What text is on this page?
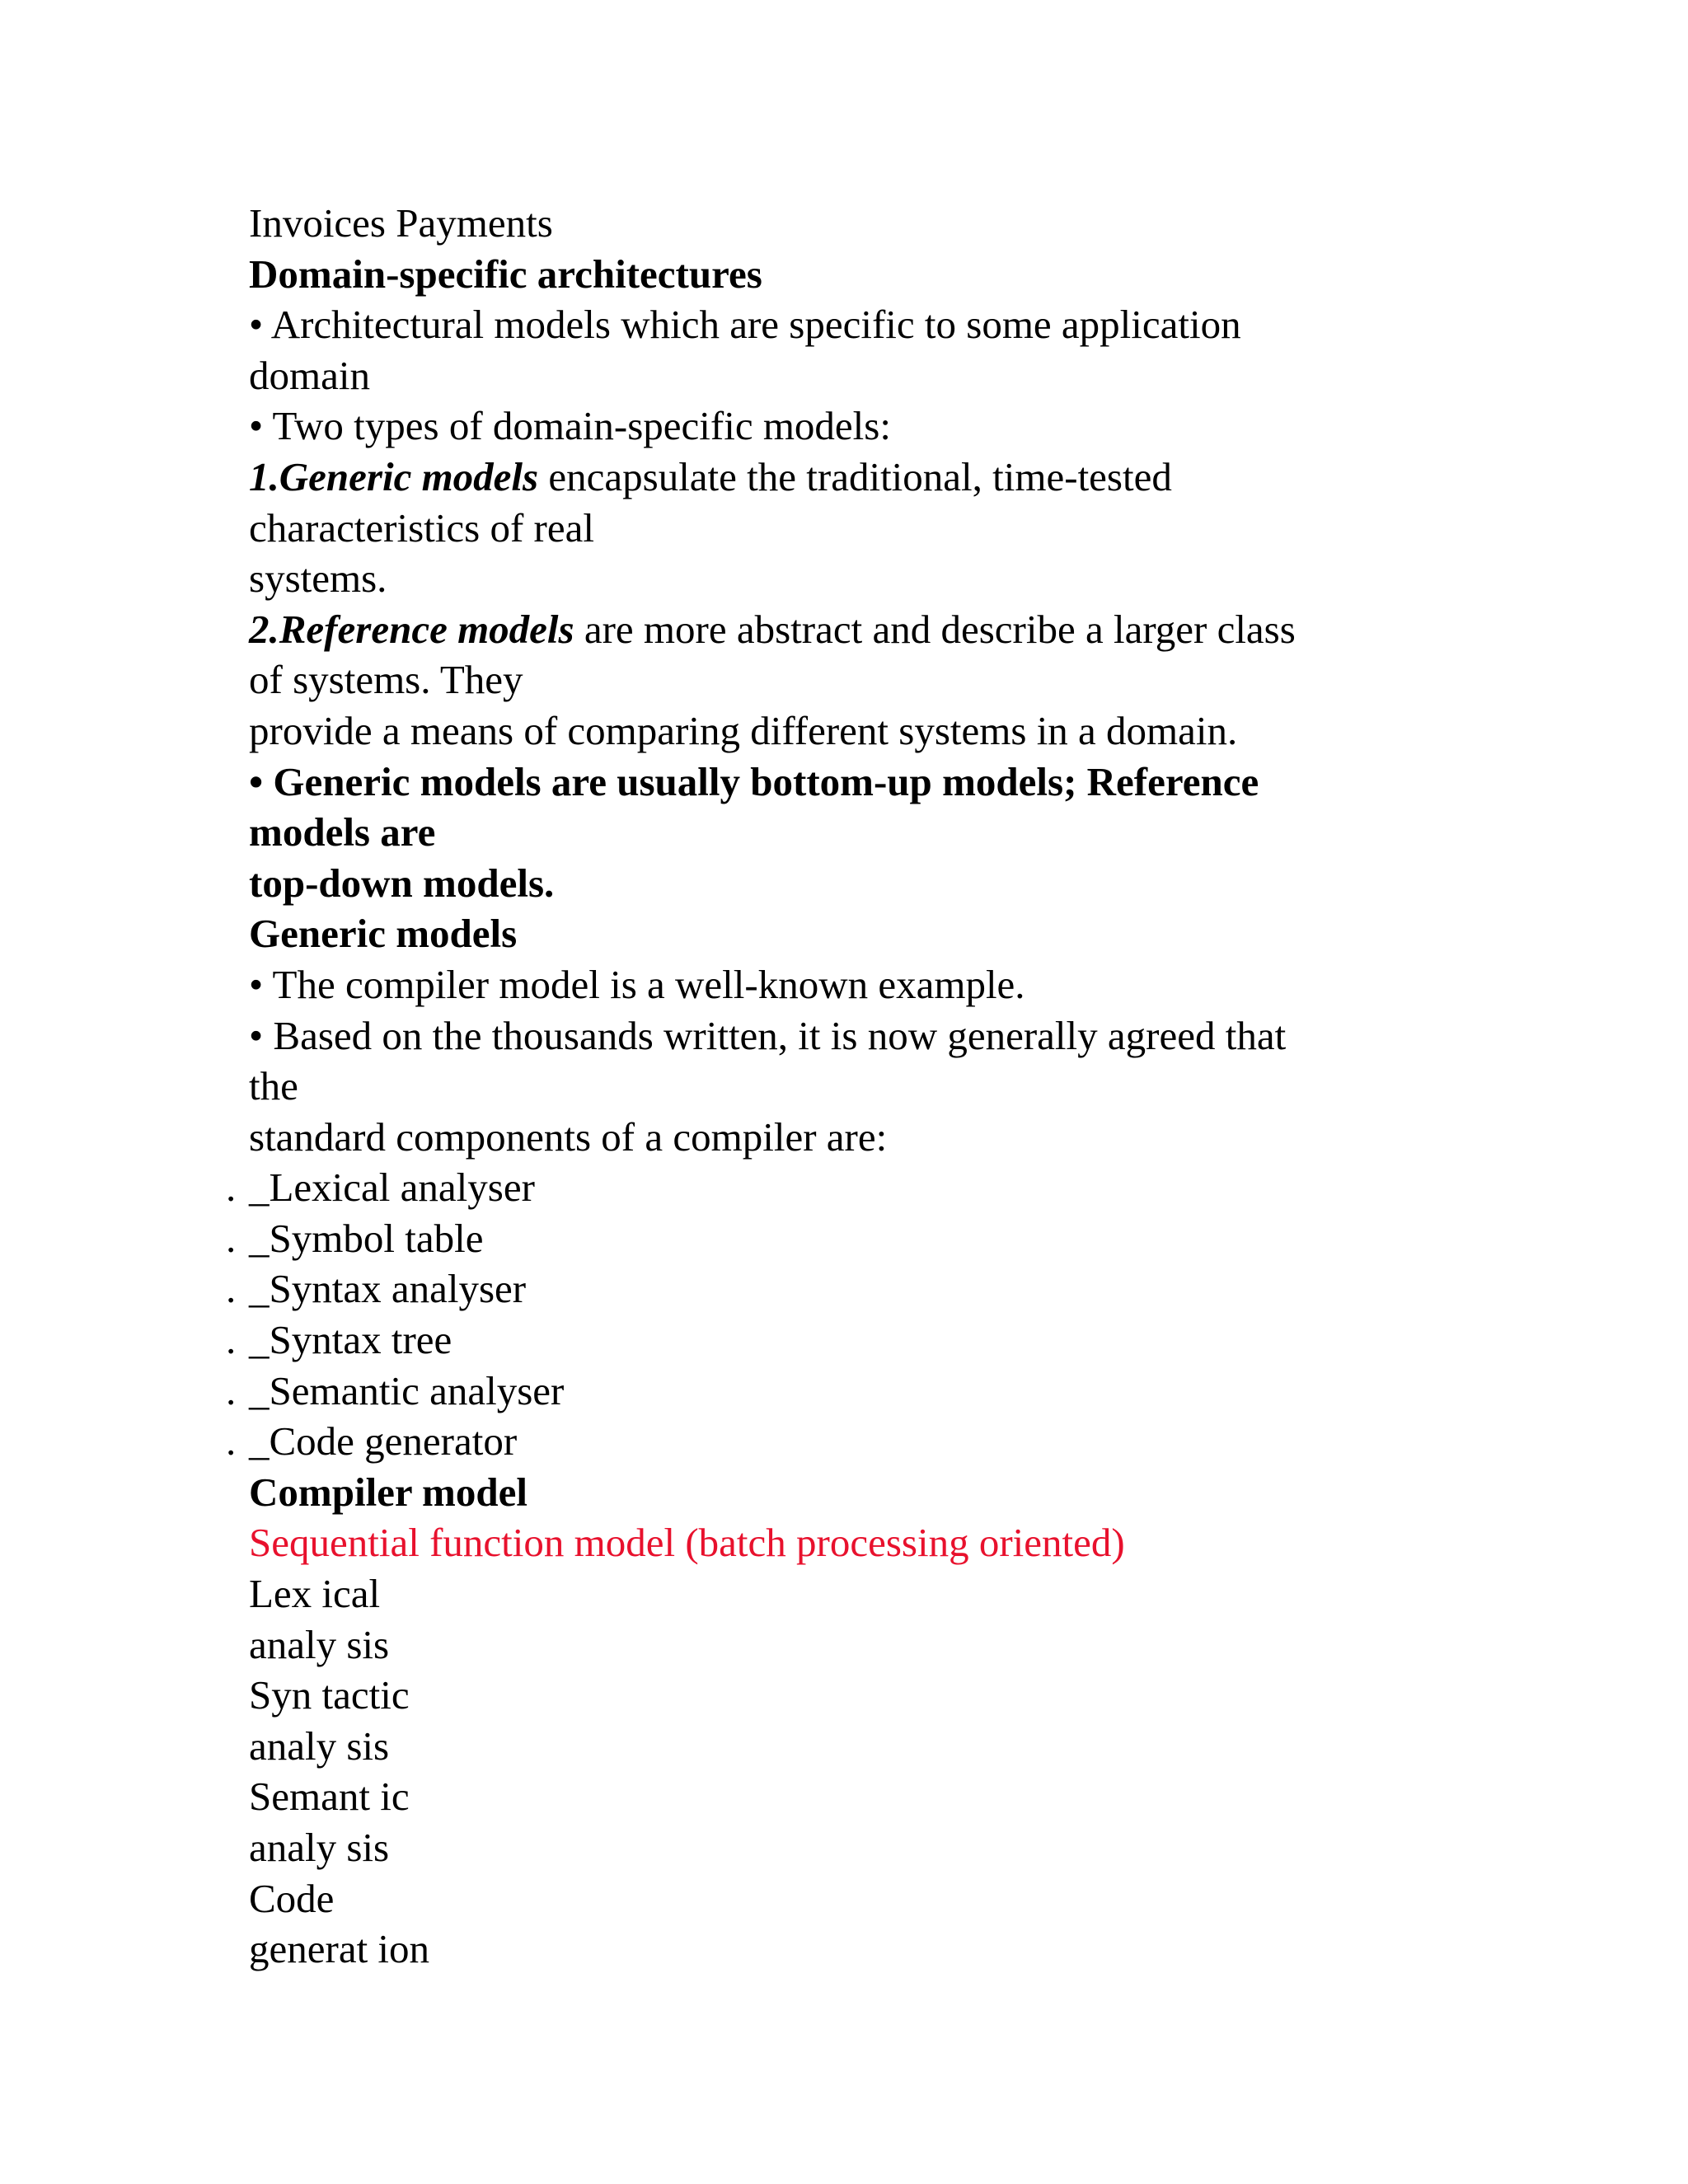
Invoices Payments
Domain-specific architectures
• Architectural models which are specific to some application
domain
• Two types of domain-specific models:
1.Generic models encapsulate the traditional, time-tested
characteristics of real
systems.
2.Reference models are more abstract and describe a larger class
of systems. They
provide a means of comparing different systems in a domain.
• Generic models are usually bottom-up models; Reference
models are
top-down models.
Generic models
• The compiler model is a well-known example.
• Based on the thousands written, it is now generally agreed that
the
standard components of a compiler are:
. _Lexical analyser
. _Symbol table
. _Syntax analyser
. _Syntax tree
. _Semantic analyser
. _Code generator
Compiler model
Sequential function model (batch processing oriented)
Lex ical
analy sis
Syn tactic
analy sis
Semant ic
analy sis
Code
generat ion
